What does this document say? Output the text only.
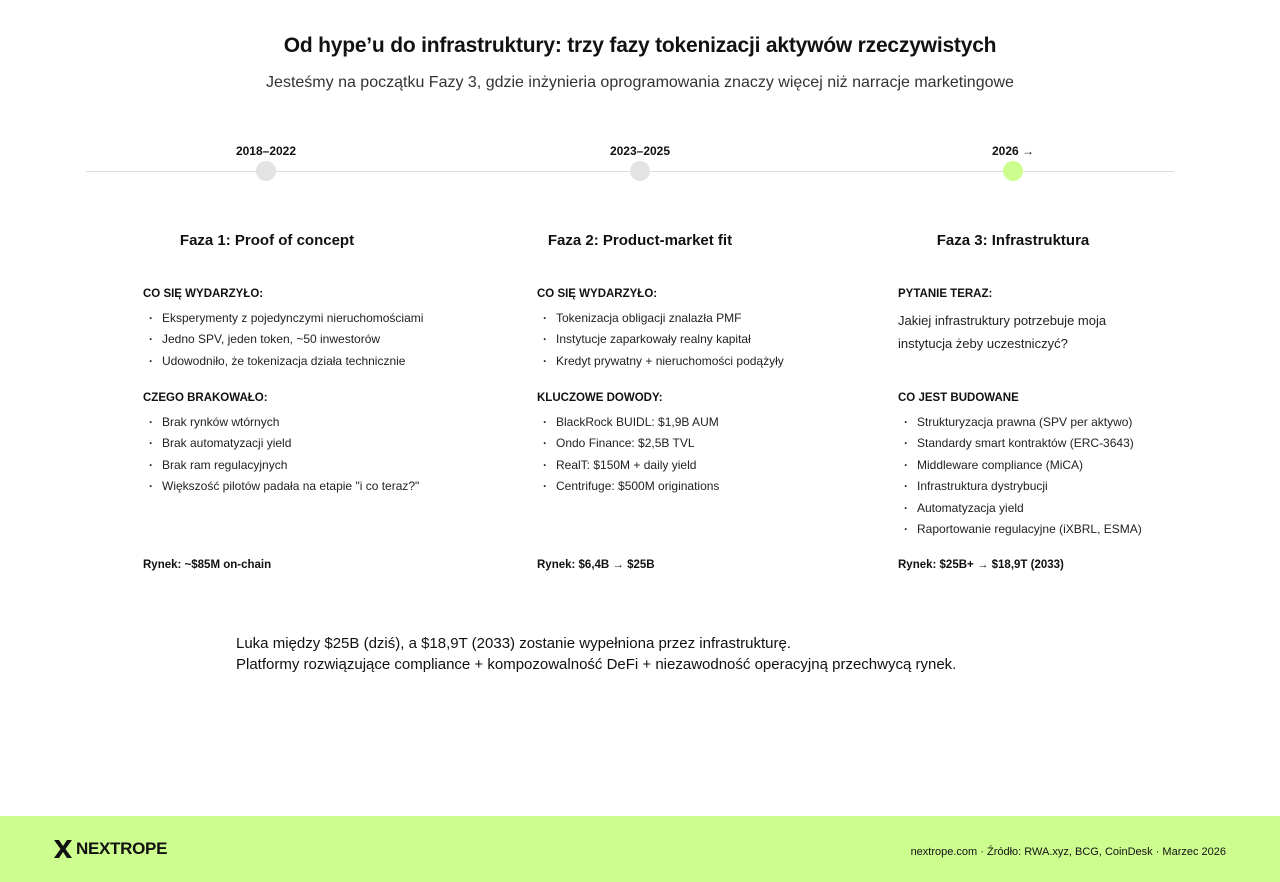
Od hype’u do infrastruktury: trzy fazy tokenizacji aktywów rzeczywistych
Jesteśmy na początku Fazy 3, gdzie inżynieria oprogramowania znaczy więcej niż narracje marketingowe
2018–2022	2023–2025	2026 →
Faza 1: Proof of concept	Faza 2: Product-market fit	Faza 3: Infrastruktura
CO SIĘ WYDARZYŁO:
· Eksperymenty z pojedynczymi nieruchomościami
· Jedno SPV, jeden token, ~50 inwestorów
· Udowodniło, że tokenizacja działa technicznie
CZEGO BRAKOWAŁO:
· Brak rynków wtórnych
· Brak automatyzacji yield
· Brak ram regulacyjnych
· Większość pilotów padała na etapie "i co teraz?"
Rynek: ~$85M on-chain
CO SIĘ WYDARZYŁO:
· Tokenizacja obligacji znalazła PMF
· Instytucje zaparkowały realny kapitał
· Kredyt prywatny + nieruchomości podążyły
KLUCZOWE DOWODY:
· BlackRock BUIDL: $1,9B AUM
· Ondo Finance: $2,5B TVL
· RealT: $150M + daily yield
· Centrifuge: $500M originations
Rynek: $6,4B → $25B
PYTANIE TERAZ:
Jakiej infrastruktury potrzebuje moja instytucja żeby uczestniczyć?
CO JEST BUDOWANE
· Strukturyzacja prawna (SPV per aktywo)
· Standardy smart kontraktów (ERC-3643)
· Middleware compliance (MiCA)
· Infrastruktura dystrybucji
· Automatyzacja yield
· Raportowanie regulacyjne (iXBRL, ESMA)
Rynek: $25B+ → $18,9T (2033)
Luka między $25B (dziś), a $18,9T (2033) zostanie wypełniona przez infrastrukturę.
Platformy rozwiązujące compliance + kompozowalność DeFi + niezawodność operacyjną przechwycą rynek.
NEXTROPE	nextrope.com · Źródło: RWA.xyz, BCG, CoinDesk · Marzec 2026
